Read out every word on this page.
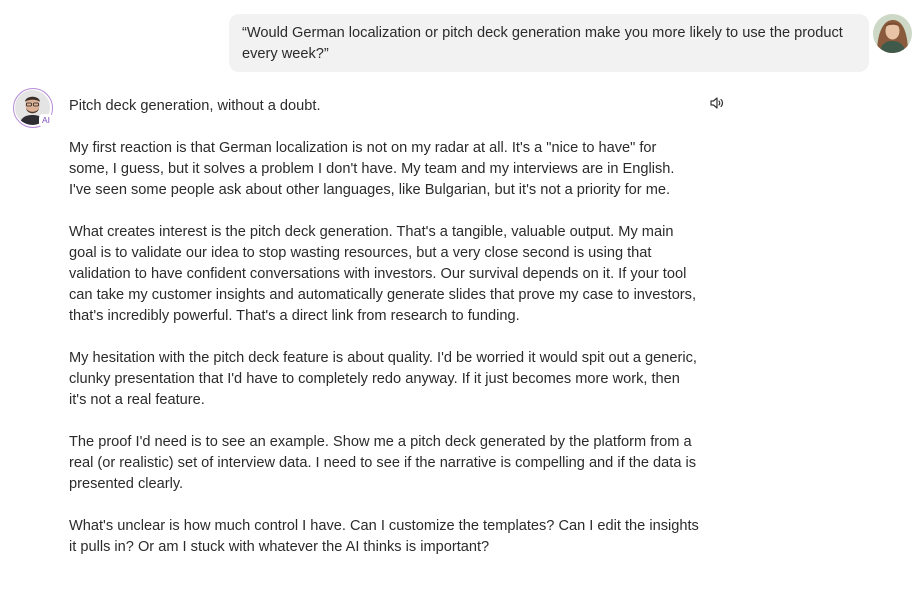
“Would German localization or pitch deck generation make you more likely to use the product every week?”
AI

Pitch deck generation, without a doubt.

My first reaction is that German localization is not on my radar at all. It's a "nice to have" for some, I guess, but it solves a problem I don't have. My team and my interviews are in English. I've seen some people ask about other languages, like Bulgarian, but it's not a priority for me.

What creates interest is the pitch deck generation. That's a tangible, valuable output. My main goal is to validate our idea to stop wasting resources, but a very close second is using that validation to have confident conversations with investors. Our survival depends on it. If your tool can take my customer insights and automatically generate slides that prove my case to investors, that's incredibly powerful. That's a direct link from research to funding.

My hesitation with the pitch deck feature is about quality. I'd be worried it would spit out a generic, clunky presentation that I'd have to completely redo anyway. If it just becomes more work, then it's not a real feature.

The proof I'd need is to see an example. Show me a pitch deck generated by the platform from a real (or realistic) set of interview data. I need to see if the narrative is compelling and if the data is presented clearly.

What's unclear is how much control I have. Can I customize the templates? Can I edit the insights it pulls in? Or am I stuck with whatever the AI thinks is important?
